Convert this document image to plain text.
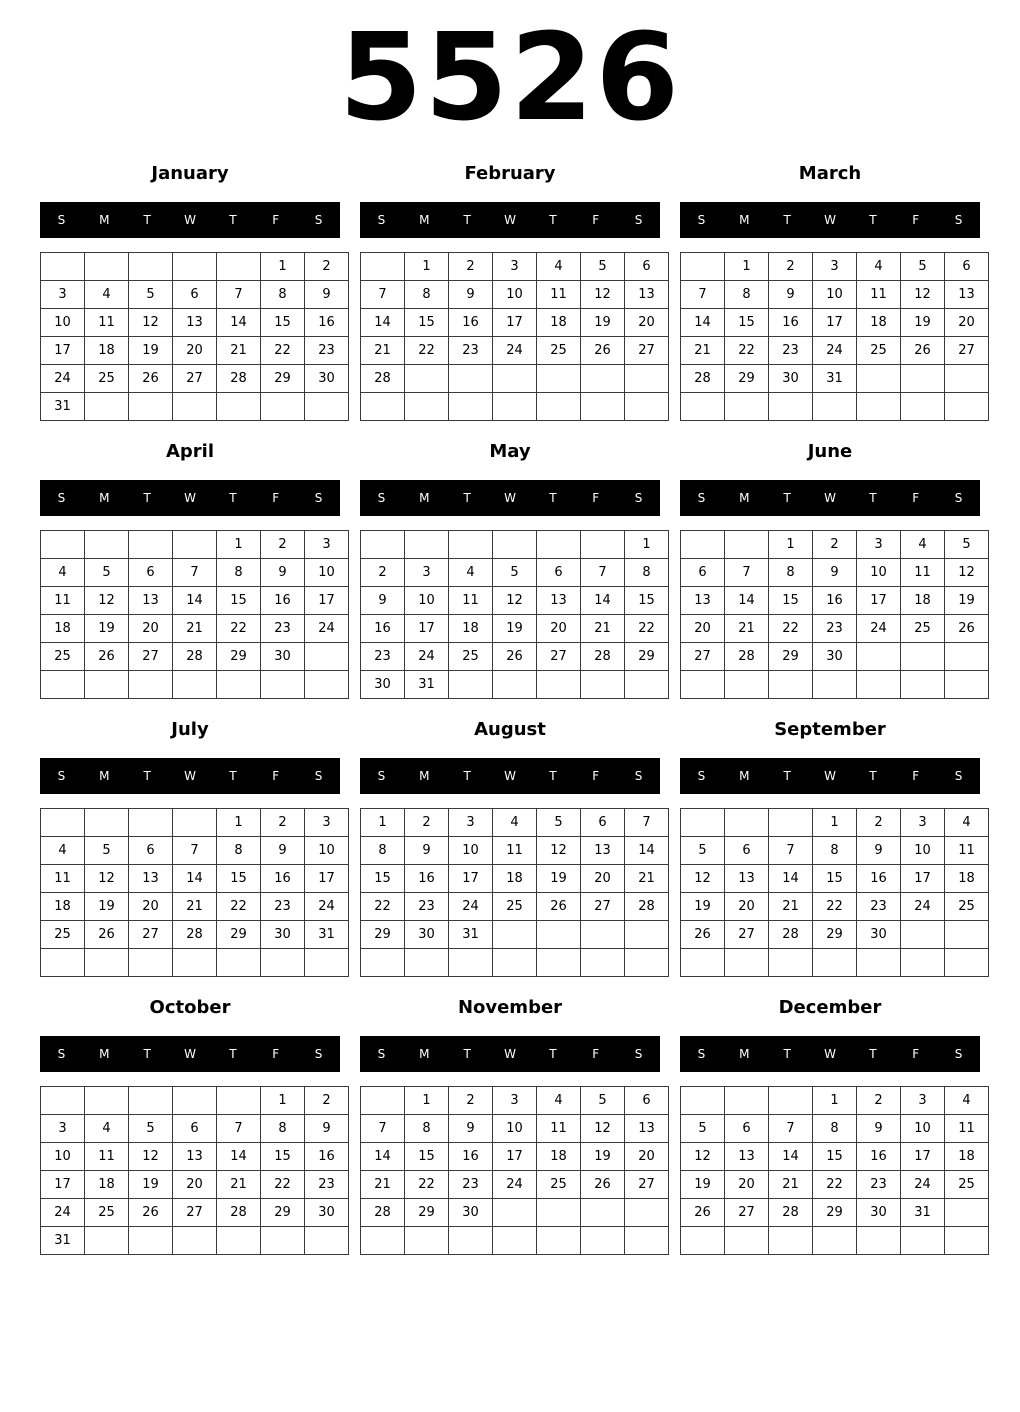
5526
January
S	M	T	W	T	F	S
					1	2
3	4	5	6	7	8	9
10	11	12	13	14	15	16
17	18	19	20	21	22	23
24	25	26	27	28	29	30
31						
February
S	M	T	W	T	F	S
	1	2	3	4	5	6
7	8	9	10	11	12	13
14	15	16	17	18	19	20
21	22	23	24	25	26	27
28						

March
S	M	T	W	T	F	S
	1	2	3	4	5	6
7	8	9	10	11	12	13
14	15	16	17	18	19	20
21	22	23	24	25	26	27
28	29	30	31			

April
S	M	T	W	T	F	S
				1	2	3
4	5	6	7	8	9	10
11	12	13	14	15	16	17
18	19	20	21	22	23	24
25	26	27	28	29	30	

May
S	M	T	W	T	F	S
						1
2	3	4	5	6	7	8
9	10	11	12	13	14	15
16	17	18	19	20	21	22
23	24	25	26	27	28	29
30	31					
June
S	M	T	W	T	F	S
		1	2	3	4	5
6	7	8	9	10	11	12
13	14	15	16	17	18	19
20	21	22	23	24	25	26
27	28	29	30			

July
S	M	T	W	T	F	S
				1	2	3
4	5	6	7	8	9	10
11	12	13	14	15	16	17
18	19	20	21	22	23	24
25	26	27	28	29	30	31

August
S	M	T	W	T	F	S
1	2	3	4	5	6	7
8	9	10	11	12	13	14
15	16	17	18	19	20	21
22	23	24	25	26	27	28
29	30	31				

September
S	M	T	W	T	F	S
			1	2	3	4
5	6	7	8	9	10	11
12	13	14	15	16	17	18
19	20	21	22	23	24	25
26	27	28	29	30		

October
S	M	T	W	T	F	S
					1	2
3	4	5	6	7	8	9
10	11	12	13	14	15	16
17	18	19	20	21	22	23
24	25	26	27	28	29	30
31						
November
S	M	T	W	T	F	S
	1	2	3	4	5	6
7	8	9	10	11	12	13
14	15	16	17	18	19	20
21	22	23	24	25	26	27
28	29	30				

December
S	M	T	W	T	F	S
			1	2	3	4
5	6	7	8	9	10	11
12	13	14	15	16	17	18
19	20	21	22	23	24	25
26	27	28	29	30	31	
